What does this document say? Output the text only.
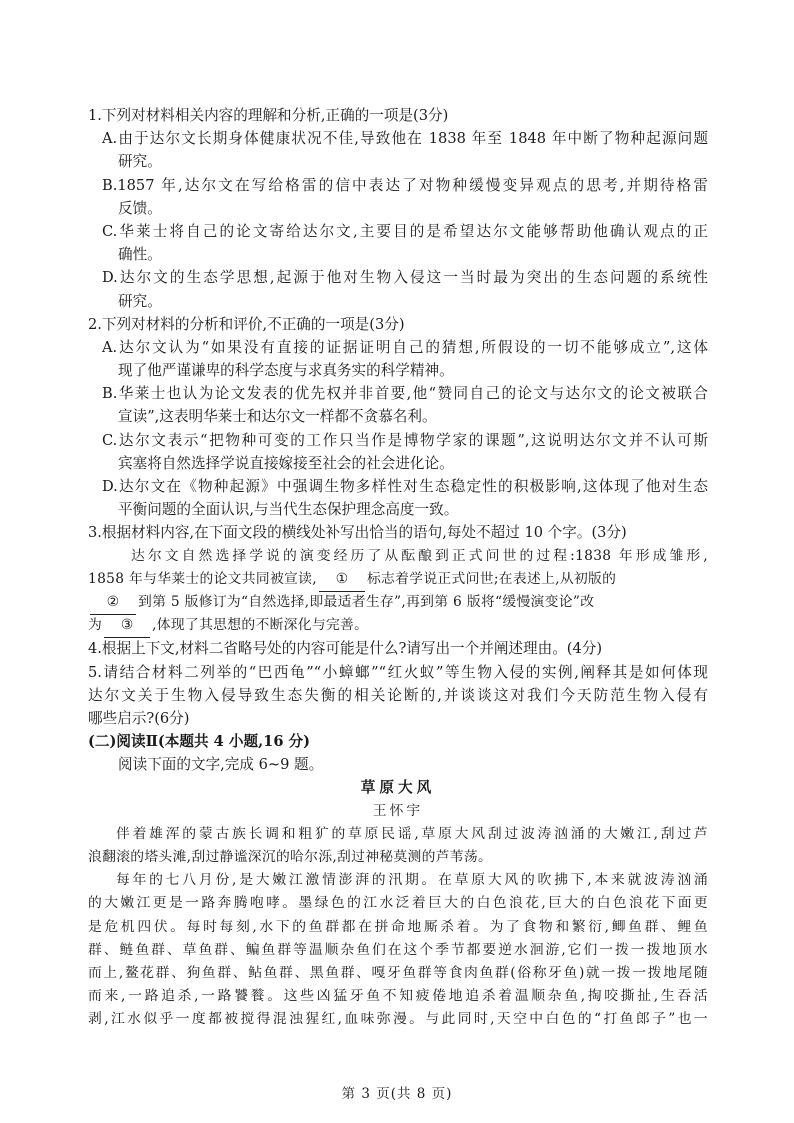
1.下列对材料相关内容的理解和分析,正确的一项是(3分)
A.由于达尔文长期身体健康状况不佳,导致他在 1838 年至 1848 年中断了物种起源问题
研究。
B.1857 年,达尔文在写给格雷的信中表达了对物种缓慢变异观点的思考,并期待格雷
反馈。
C.华莱士将自己的论文寄给达尔文,主要目的是希望达尔文能够帮助他确认观点的正
确性。
D.达尔文的生态学思想,起源于他对生物入侵这一当时最为突出的生态问题的系统性
研究。
2.下列对材料的分析和评价,不正确的一项是(3分)
A.达尔文认为“如果没有直接的证据证明自己的猜想,所假设的一切不能够成立”,这体
现了他严谨谦卑的科学态度与求真务实的科学精神。
B.华莱士也认为论文发表的优先权并非首要,他“赞同自己的论文与达尔文的论文被联合
宣读”,这表明华莱士和达尔文一样都不贪慕名利。
C.达尔文表示“把物种可变的工作只当作是博物学家的课题”,这说明达尔文并不认可斯
宾塞将自然选择学说直接嫁接至社会的社会进化论。
D.达尔文在《物种起源》中强调生物多样性对生态稳定性的积极影响,这体现了他对生态
平衡问题的全面认识,与当代生态保护理念高度一致。
3.根据材料内容,在下面文段的横线处补写出恰当的语句,每处不超过 10 个字。(3分)
达尔文自然选择学说的演变经历了从酝酿到正式问世的过程:1838 年形成雏形,
1858 年与华莱士的论文共同被宣读, ① 标志着学说正式问世;在表述上,从初版的
② 到第 5 版修订为“自然选择,即最适者生存”,再到第 6 版将“缓慢演变论”改
为 ③ ,体现了其思想的不断深化与完善。
4.根据上下文,材料二省略号处的内容可能是什么?请写出一个并阐述理由。(4分)
5.请结合材料二列举的“巴西龟”“小蟑螂”“红火蚁”等生物入侵的实例,阐释其是如何体现
达尔文关于生物入侵导致生态失衡的相关论断的,并谈谈这对我们今天防范生物入侵有
哪些启示?(6分)
(二)阅读Ⅱ(本题共 4 小题,16 分)
阅读下面的文字,完成 6~9 题。
草原大风
王怀宇
伴着雄浑的蒙古族长调和粗犷的草原民谣,草原大风刮过波涛汹涌的大嫩江,刮过芦
浪翻滚的塔头滩,刮过静谧深沉的哈尔泺,刮过神秘莫测的芦苇荡。
每年的七八月份,是大嫩江激情澎湃的汛期。在草原大风的吹拂下,本来就波涛汹涌
的大嫩江更是一路奔腾咆哮。墨绿色的江水泛着巨大的白色浪花,巨大的白色浪花下面更
是危机四伏。每时每刻,水下的鱼群都在拼命地厮杀着。为了食物和繁衍,鲫鱼群、鲤鱼
群、鲢鱼群、草鱼群、鳊鱼群等温顺杂鱼们在这个季节都要逆水洄游,它们一拨一拨地顶水
而上,鳌花群、狗鱼群、鲇鱼群、黑鱼群、嘎牙鱼群等食肉鱼群(俗称牙鱼)就一拨一拨地尾随
而来,一路追杀,一路饕餮。这些凶猛牙鱼不知疲倦地追杀着温顺杂鱼,掏咬撕扯,生吞活
剥,江水似乎一度都被搅得混浊猩红,血味弥漫。与此同时,天空中白色的“打鱼郎子”也一
第 3 页(共 8 页)
